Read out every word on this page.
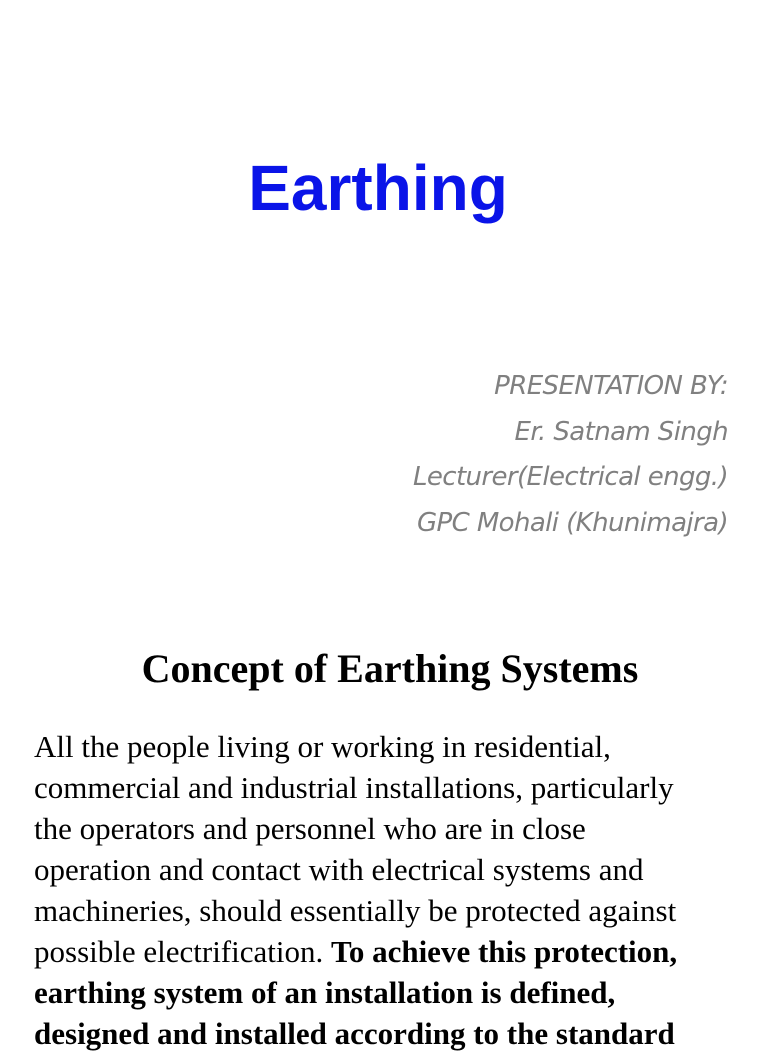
Earthing
PRESENTATION BY:
Er. Satnam Singh
Lecturer(Electrical engg.)
GPC Mohali (Khunimajra)
Concept of Earthing Systems

All the people living or working in residential,
commercial and industrial installations, particularly
the operators and personnel who are in close
operation and contact with electrical systems and
machineries, should essentially be protected against
possible electrification. To achieve this protection,
earthing system of an installation is defined,
designed and installed according to the standard
